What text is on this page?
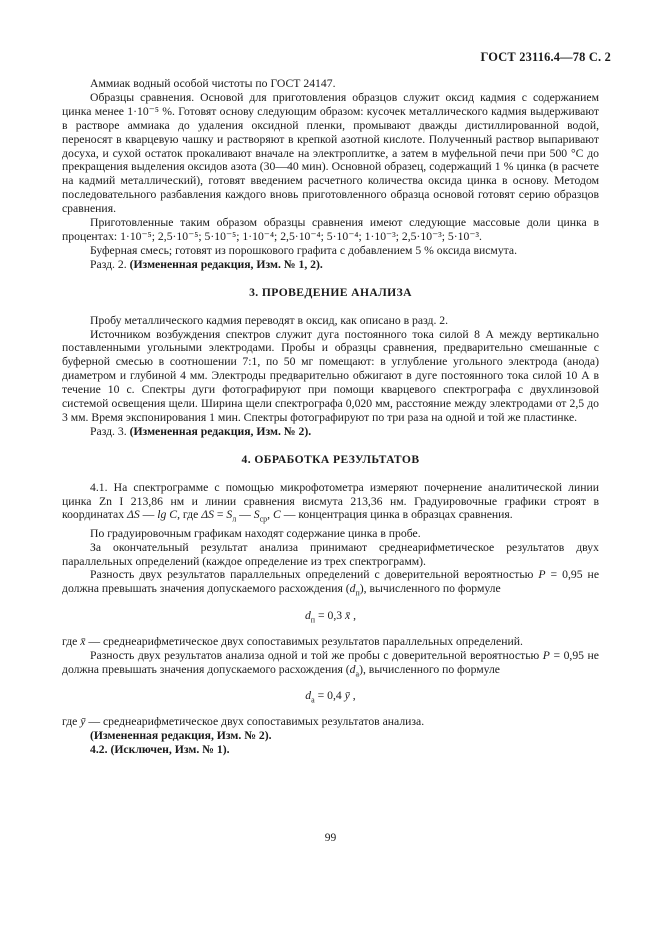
ГОСТ 23116.4—78 С. 2

Аммиак водный особой чистоты по ГОСТ 24147.

Образцы сравнения. Основой для приготовления образцов служит оксид кадмия с содержанием цинка менее 1·10⁻⁵ %. Готовят основу следующим образом: кусочек металлического кадмия выдерживают в растворе аммиака до удаления оксидной пленки, промывают дважды дистиллированной водой, переносят в кварцевую чашку и растворяют в крепкой азотной кислоте. Полученный раствор выпаривают досуха, и сухой остаток прокаливают вначале на электроплитке, а затем в муфельной печи при 500 °С до прекращения выделения оксидов азота (30—40 мин). Основной образец, содержащий 1 % цинка (в расчете на кадмий металлический), готовят введением расчетного количества оксида цинка в основу. Методом последовательного разбавления каждого вновь приготовленного образца основой готовят серию образцов сравнения.

Приготовленные таким образом образцы сравнения имеют следующие массовые доли цинка в процентах: 1·10⁻⁵; 2,5·10⁻⁵; 5·10⁻⁵; 1·10⁻⁴; 2,5·10⁻⁴; 5·10⁻⁴; 1·10⁻³; 2,5·10⁻³; 5·10⁻³.

Буферная смесь; готовят из порошкового графита с добавлением 5 % оксида висмута.

Разд. 2. (Измененная редакция, Изм. № 1, 2).

3. ПРОВЕДЕНИЕ АНАЛИЗА

Пробу металлического кадмия переводят в оксид, как описано в разд. 2.

Источником возбуждения спектров служит дуга постоянного тока силой 8 А между вертикально поставленными угольными электродами. Пробы и образцы сравнения, предварительно смешанные с буферной смесью в соотношении 7:1, по 50 мг помещают: в углубление угольного электрода (анода) диаметром и глубиной 4 мм. Электроды предварительно обжигают в дуге постоянного тока силой 10 А в течение 10 с. Спектры дуги фотографируют при помощи кварцевого спектрографа с двухлинзовой системой освещения щели. Ширина щели спектрографа 0,020 мм, расстояние между электродами от 2,5 до 3 мм. Время экспонирования 1 мин. Спектры фотографируют по три раза на одной и той же пластинке.

Разд. 3. (Измененная редакция, Изм. № 2).

4. ОБРАБОТКА РЕЗУЛЬТАТОВ

4.1. На спектрограмме с помощью микрофотометра измеряют почернение аналитической линии цинка Zn I 213,86 нм и линии сравнения висмута 213,36 нм. Градуировочные графики строят в координатах ΔS — lg C, где $\Delta S = S_л$ — $S_{ср}$, C — концентрация цинка в образцах сравнения.

По градуировочным графикам находят содержание цинка в пробе.

За окончательный результат анализа принимают среднеарифметическое результатов двух параллельных определений (каждое определение из трех спектрограмм).

Разность двух результатов параллельных определений с доверительной вероятностью P = 0,95 не должна превышать значения допускаемого расхождения $(d_п)$, вычисленного по формуле

$d_п = 0,3$ x̄ ,

где x̄ — среднеарифметическое двух сопоставимых результатов параллельных определений.

Разность двух результатов анализа одной и той же пробы с доверительной вероятностью P = 0,95 не должна превышать значения допускаемого расхождения $(d_a)$, вычисленного по формуле

$d_a = 0,4$ ȳ ,

где ȳ — среднеарифметическое двух сопоставимых результатов анализа.

(Измененная редакция, Изм. № 2).

4.2. (Исключен, Изм. № 1).

99
